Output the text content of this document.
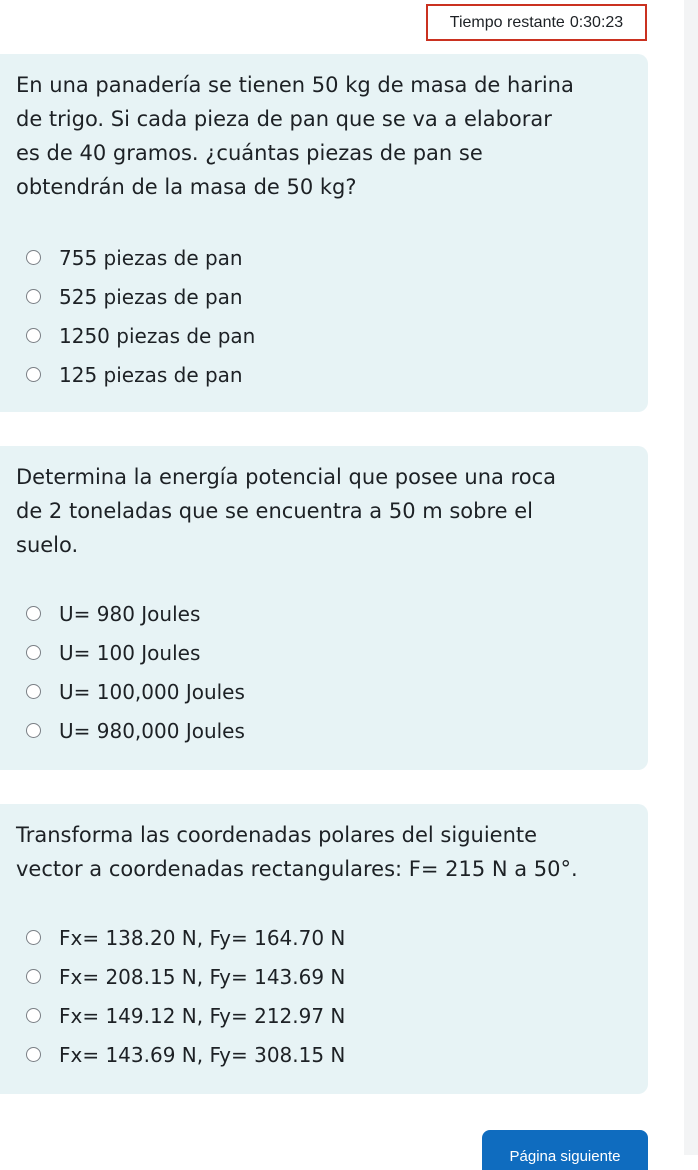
Tiempo restante 0:30:23

En una panadería se tienen 50 kg de masa de harina
de trigo. Si cada pieza de pan que se va a elaborar
es de 40 gramos. ¿cuántas piezas de pan se
obtendrán de la masa de 50 kg?

755 piezas de pan
525 piezas de pan
1250 piezas de pan
125 piezas de pan

Determina la energía potencial que posee una roca
de 2 toneladas que se encuentra a 50 m sobre el
suelo.

U= 980 Joules
U= 100 Joules
U= 100,000 Joules
U= 980,000 Joules

Transforma las coordenadas polares del siguiente
vector a coordenadas rectangulares: F= 215 N a 50°.

Fx= 138.20 N, Fy= 164.70 N
Fx= 208.15 N, Fy= 143.69 N
Fx= 149.12 N, Fy= 212.97 N
Fx= 143.69 N, Fy= 308.15 N
Página siguiente
